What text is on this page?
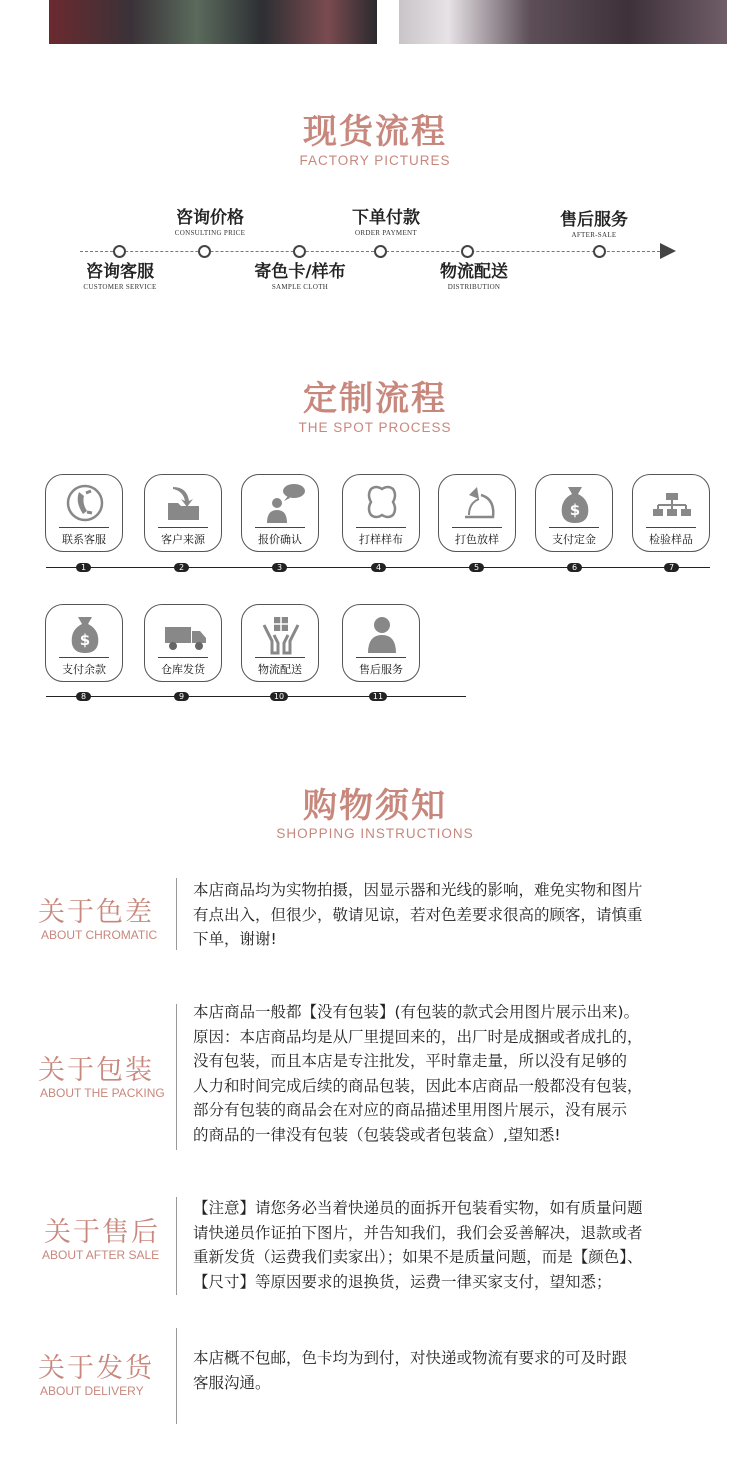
现货流程
FACTORY PICTURES
咨询客服
CUSTOMER SERVICE
咨询价格
CONSULTING PRICE
寄色卡/样布
SAMPLE CLOTH
下单付款
ORDER PAYMENT
物流配送
DISTRIBUTION
售后服务
AFTER-SALE
定制流程
THE SPOT PROCESS
联系客服	客户来源	报价确认	打样样布	打色放样
$
支付定金	检验样品
$
支付余款	仓库发货	物流配送	售后服务
1	2	3	4	5	6	7
8	9	10	11
购物须知
SHOPPING INSTRUCTIONS
关于色差
ABOUT CHROMATIC
本店商品均为实物拍摄，因显示器和光线的影响，难免实物和图片
有点出入，但很少，敬请见谅，若对色差要求很高的顾客，请慎重
下单，谢谢!
关于包装
ABOUT THE PACKING
本店商品一般都【没有包装】(有包装的款式会用图片展示出来)。
原因：本店商品均是从厂里提回来的，出厂时是成捆或者成扎的，
没有包装，而且本店是专注批发，平时靠走量，所以没有足够的
人力和时间完成后续的商品包装，因此本店商品一般都没有包装，
部分有包装的商品会在对应的商品描述里用图片展示，没有展示
的商品的一律没有包装（包装袋或者包装盒）,望知悉!
关于售后
ABOUT AFTER SALE
【注意】请您务必当着快递员的面拆开包装看实物，如有质量问题
请快递员作证拍下图片，并告知我们，我们会妥善解决，退款或者
重新发货（运费我们卖家出）；如果不是质量问题，而是【颜色】、
【尺寸】等原因要求的退换货，运费一律买家支付，望知悉；
关于发货
ABOUT DELIVERY
本店概不包邮，色卡均为到付，对快递或物流有要求的可及时跟
客服沟通。
